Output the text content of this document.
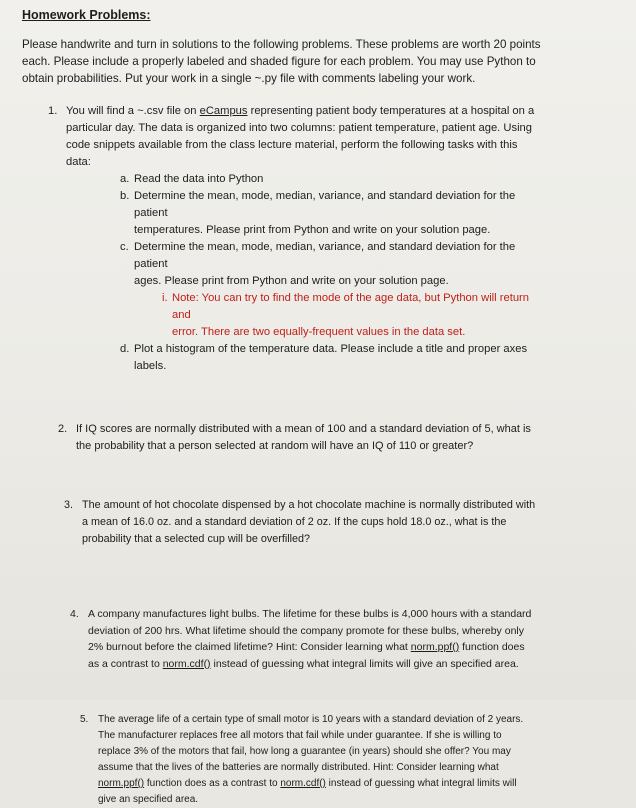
Homework Problems:
Please handwrite and turn in solutions to the following problems. These problems are worth 20 points
each. Please include a properly labeled and shaded figure for each problem. You may use Python to
obtain probabilities. Put your work in a single ~.py file with comments labeling your work.
1. You will find a ~.csv file on eCampus representing patient body temperatures at a hospital on a
particular day. The data is organized into two columns: patient temperature, patient age. Using
code snippets available from the class lecture material, perform the following tasks with this
data:
a. Read the data into Python
b. Determine the mean, mode, median, variance, and standard deviation for the patient
temperatures. Please print from Python and write on your solution page.
c. Determine the mean, mode, median, variance, and standard deviation for the patient
ages. Please print from Python and write on your solution page.
i. Note: You can try to find the mode of the age data, but Python will return and
error. There are two equally-frequent values in the data set.
d. Plot a histogram of the temperature data. Please include a title and proper axes labels.
2. If IQ scores are normally distributed with a mean of 100 and a standard deviation of 5, what is
the probability that a person selected at random will have an IQ of 110 or greater?
3. The amount of hot chocolate dispensed by a hot chocolate machine is normally distributed with
a mean of 16.0 oz. and a standard deviation of 2 oz. If the cups hold 18.0 oz., what is the
probability that a selected cup will be overfilled?
4. A company manufactures light bulbs. The lifetime for these bulbs is 4,000 hours with a standard
deviation of 200 hrs. What lifetime should the company promote for these bulbs, whereby only
2% burnout before the claimed lifetime? Hint: Consider learning what norm.ppf() function does
as a contrast to norm.cdf() instead of guessing what integral limits will give an specified area.
5. The average life of a certain type of small motor is 10 years with a standard deviation of 2 years.
The manufacturer replaces free all motors that fail while under guarantee. If she is willing to
replace 3% of the motors that fail, how long a guarantee (in years) should she offer? You may
assume that the lives of the batteries are normally distributed. Hint: Consider learning what
norm.ppf() function does as a contrast to norm.cdf() instead of guessing what integral limits will
give an specified area.
